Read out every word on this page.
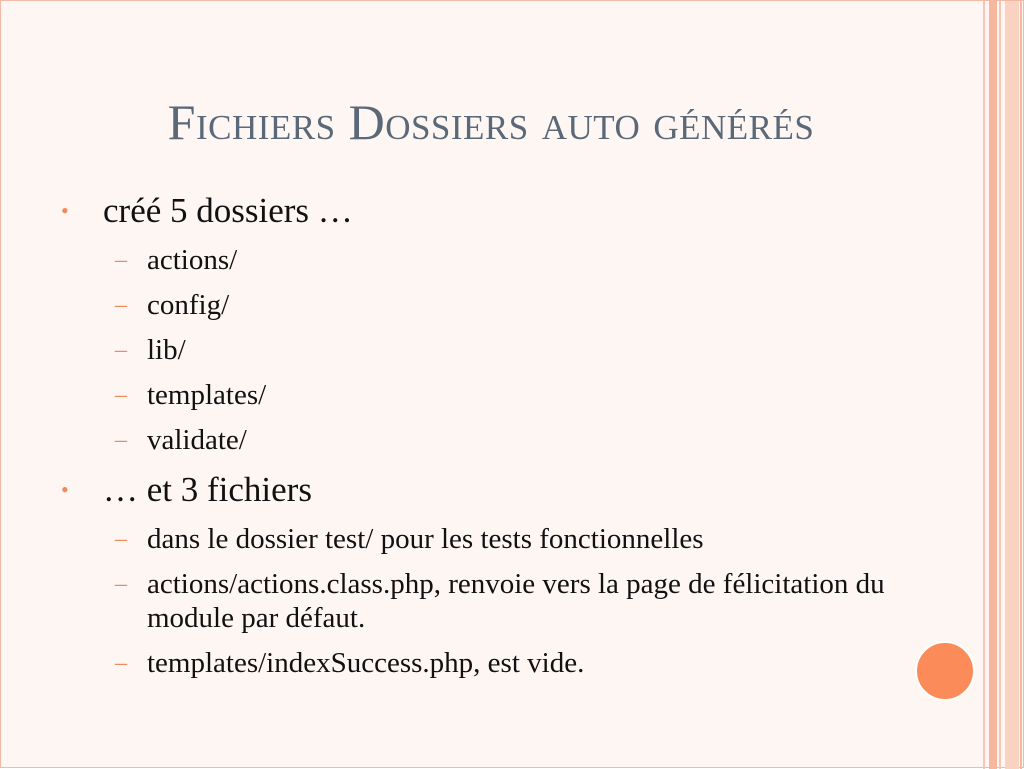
Fichiers Dossiers auto générés
• créé 5 dossiers …
– actions/
– config/
– lib/
– templates/
– validate/
• … et 3 fichiers
– dans le dossier test/ pour les tests fonctionnelles
– actions/actions.class.php, renvoie vers la page de félicitation du module par défaut.
– templates/indexSuccess.php, est vide.
